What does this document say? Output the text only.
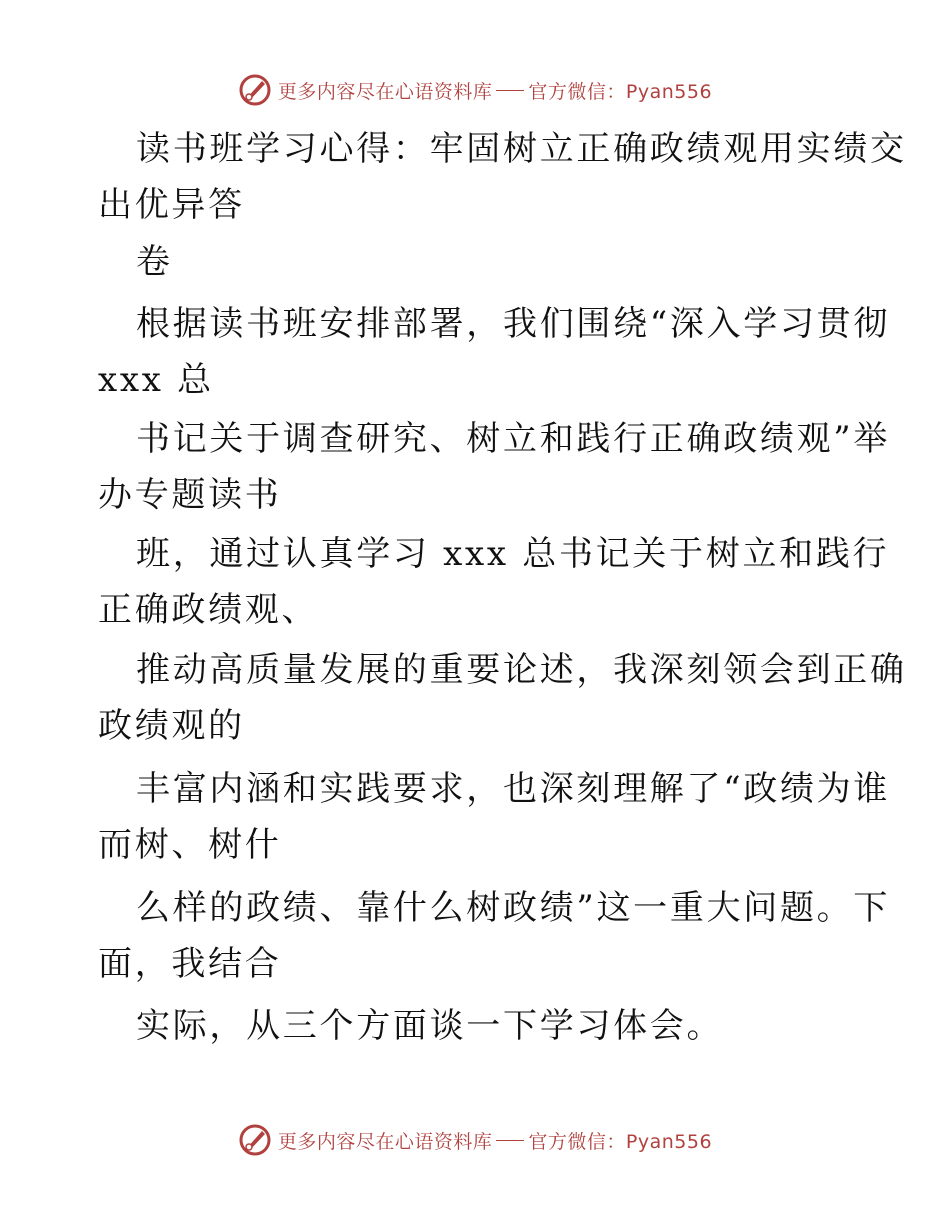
更多内容尽在心语资料库 官方微信：Pyan556
读书班学习心得：牢固树立正确政绩观用实绩交
出优异答
卷
根据读书班安排部署，我们围绕“深入学习贯彻
xxx 总
书记关于调查研究、树立和践行正确政绩观”举
办专题读书
班，通过认真学习 xxx 总书记关于树立和践行
正确政绩观、
推动高质量发展的重要论述，我深刻领会到正确
政绩观的
丰富内涵和实践要求，也深刻理解了“政绩为谁
而树、树什
么样的政绩、靠什么树政绩”这一重大问题。下
面，我结合
实际，从三个方面谈一下学习体会。
更多内容尽在心语资料库 官方微信：Pyan556
